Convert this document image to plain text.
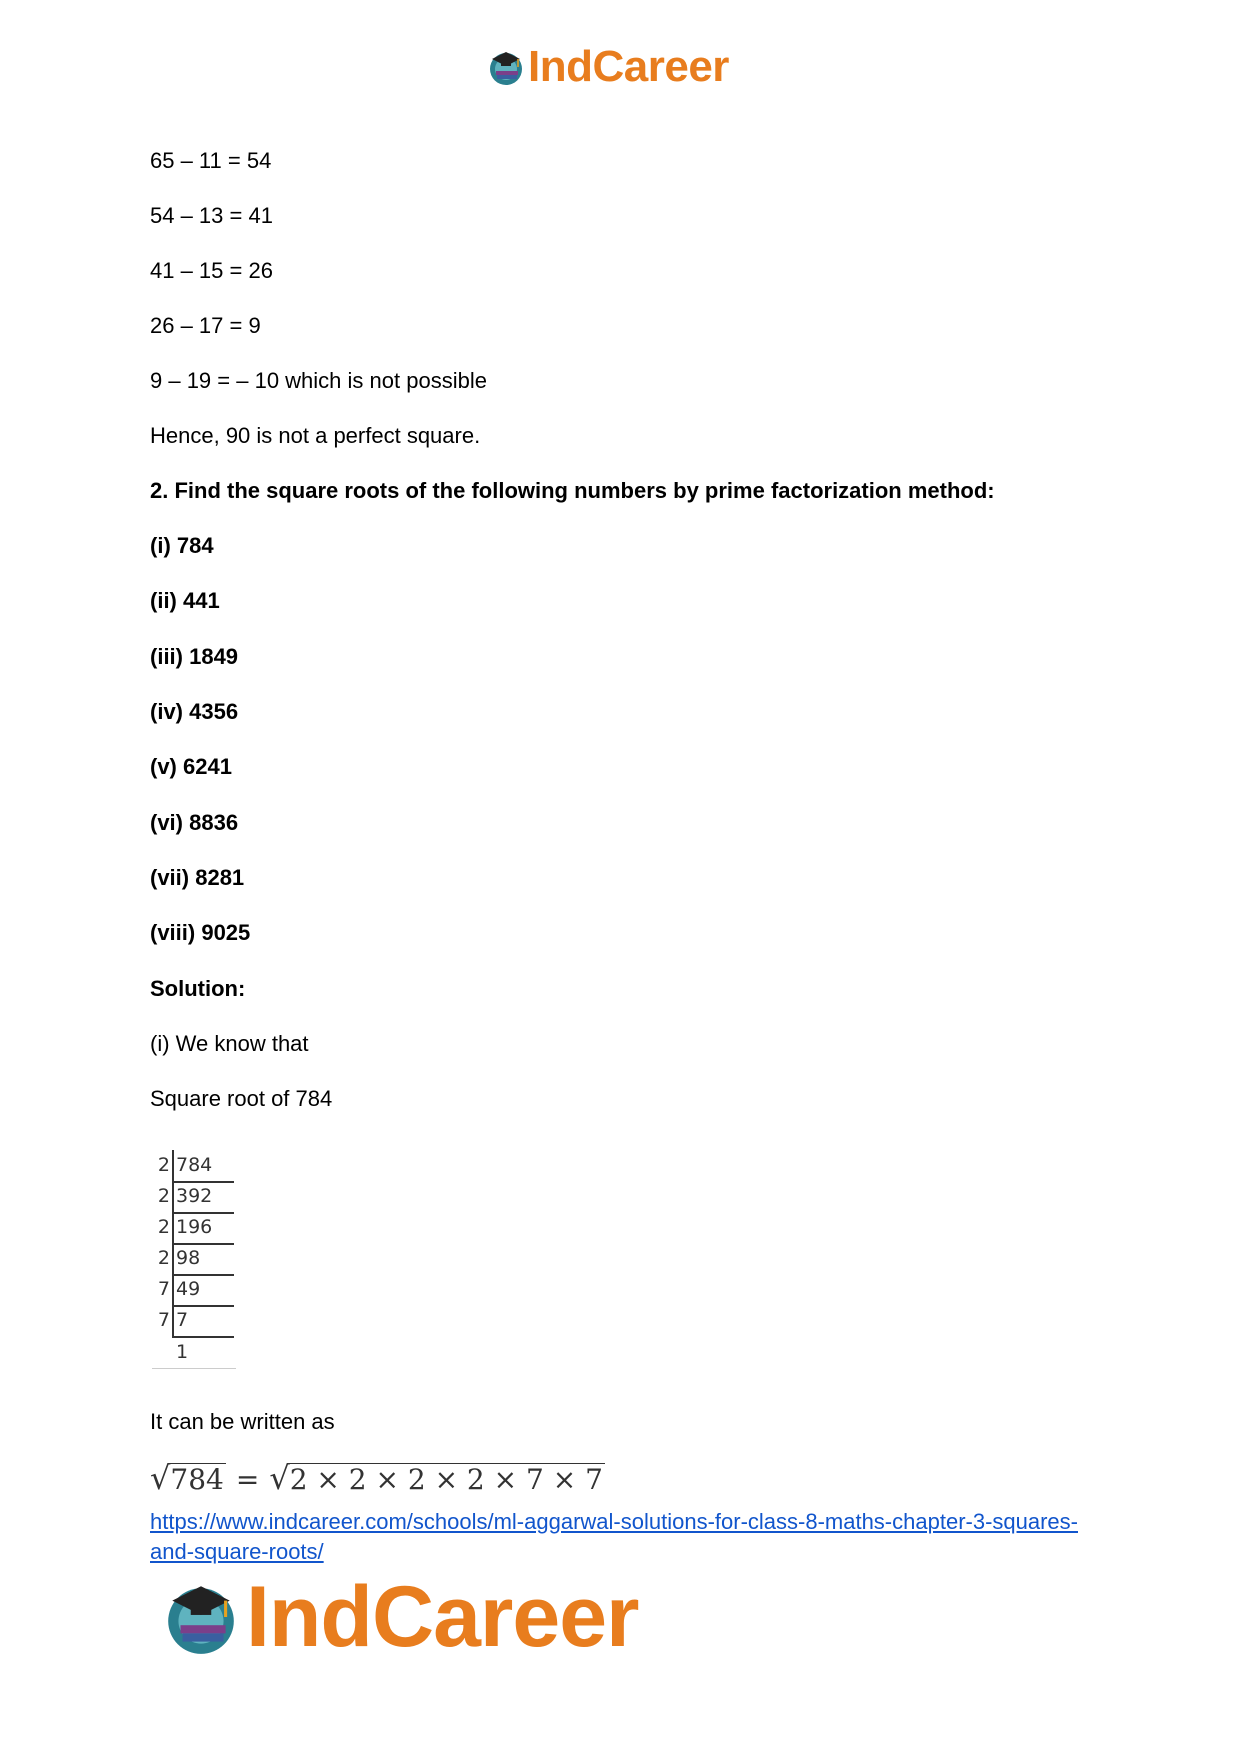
IndCareer
65 – 11 = 54
54 – 13 = 41
41 – 15 = 26
26 – 17 = 9
9 – 19 = – 10 which is not possible
Hence, 90 is not a perfect square.
2. Find the square roots of the following numbers by prime factorization method:
(i) 784
(ii) 441
(iii) 1849
(iv) 4356
(v) 6241
(vi) 8836
(vii) 8281
(viii) 9025
Solution:
(i) We know that
Square root of 784
2 784
2 392
2 196
2 98
7 49
7 7
1
It can be written as
√ 784 = √ 2 × 2 × 2 × 2 × 7 × 7
https://www.indcareer.com/schools/ml-aggarwal-solutions-for-class-8-maths-chapter-3-squares-and-square-roots/
IndCareer
